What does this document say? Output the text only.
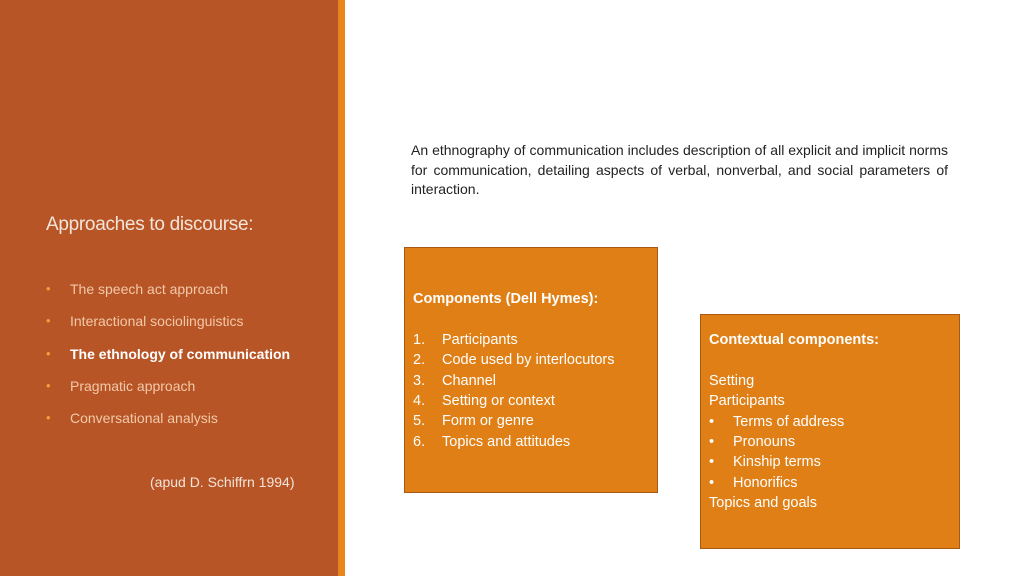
Approaches to discourse:
• The speech act approach
• Interactional sociolinguistics
• The ethnology of communication
• Pragmatic approach
• Conversational analysis
(apud D. Schiffrn 1994)

An ethnography of communication includes description of all explicit and implicit norms for communication, detailing aspects of verbal, nonverbal, and social parameters of interaction.

Components (Dell Hymes):
1. Participants
2. Code used by interlocutors
3. Channel
4. Setting or context
5. Form or genre
6. Topics and attitudes
Contextual components:
Setting
Participants
• Terms of address
• Pronouns
• Kinship terms
• Honorifics
Topics and goals
